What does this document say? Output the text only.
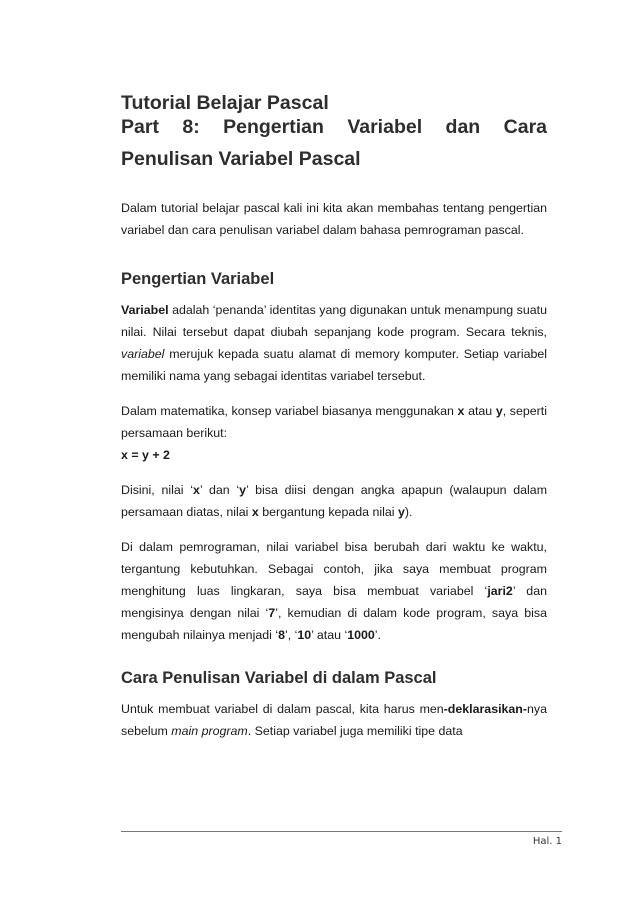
Tutorial Belajar Pascal
Part 8: Pengertian Variabel dan Cara
Penulisan Variabel Pascal

Dalam tutorial belajar pascal kali ini kita akan membahas tentang pengertian variabel dan cara penulisan variabel dalam bahasa pemrograman pascal.

Pengertian Variabel

Variabel adalah ‘penanda’ identitas yang digunakan untuk menampung suatu nilai. Nilai tersebut dapat diubah sepanjang kode program. Secara teknis, variabel merujuk kepada suatu alamat di memory komputer. Setiap variabel memiliki nama yang sebagai identitas variabel tersebut.

Dalam matematika, konsep variabel biasanya menggunakan x atau y, seperti persamaan berikut:
x = y + 2

Disini, nilai ‘x’ dan ‘y’ bisa diisi dengan angka apapun (walaupun dalam persamaan diatas, nilai x bergantung kepada nilai y).

Di dalam pemrograman, nilai variabel bisa berubah dari waktu ke waktu, tergantung kebutuhkan. Sebagai contoh, jika saya membuat program menghitung luas lingkaran, saya bisa membuat variabel ‘jari2’ dan mengisinya dengan nilai ‘7’, kemudian di dalam kode program, saya bisa mengubah nilainya menjadi ‘8’, ‘10’ atau ‘1000’.

Cara Penulisan Variabel di dalam Pascal

Untuk membuat variabel di dalam pascal, kita harus men-deklarasikan-nya sebelum main program. Setiap variabel juga memiliki tipe data

Hal. 1
